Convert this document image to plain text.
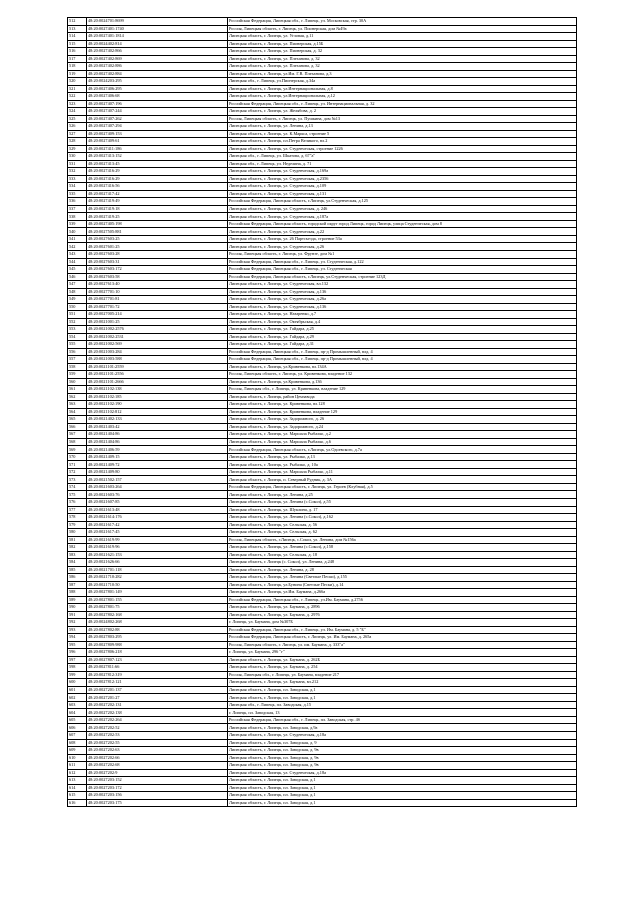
512	48:20:0024701:8699	Российская Федерация, Липецкая обл., г. Липецк, ул. Московская, стр. 30А
513	48:20:0027401:1740	Россия, Липецкая область, г. Липецк, ул. Пионерская, дом №49а
514	48:20:0027401:1814	Липецкая область, г. Липецк, ул. Угловая, д.11
515	48:20:0024402:814	Липецкая область, г. Липецк, ул. Пионерская, д.15Б
516	48:20:0027402:866	Липецкая область, г. Липецк, ул. Пионерская, д. 32
517	48:20:0027402:869	Липецкая область, г. Липецк, ул. Плеханова, д. 32
518	48:20:0027402:886	Липецкая область, г. Липецк, ул. Плеханова, д. 32
519	48:20:0027402:884	Липецкая область, г. Липецк, ул.Им. Г.В. Плеханова, д.3
520	48:20:0024203:295	Липецкая обл., г. Липецк, ул.Пионерская, д.34а
521	48:20:0027406:295	Липецкая область, г. Липецк, ул.Интернациональная, д.8
522	48:20:0027406:68	Липецкая область, г. Липецк, ул.Интернациональная, д.12
523	48:20:0027407:196	Российская Федерация, Липецкая обл., г. Липецк, ул. Интернациональная, д. 32
524	48:20:0027407:244	Липецкая область, г. Липецк, ул. Желябова, д. 2
525	48:20:0027407:262	Россия, Липецкая область, г. Липецк, ул. Пушкина, дом №13
526	48:20:0027407:294	Липецкая область, г. Липецк, ул. Ленина, д.13
527	48:20:0027409:153	Липецкая область, г. Липецк, ул. К.Маркса, строение 5
528	48:20:0027409:61	Липецкая область, г. Липецк, пл.Петра Великого, вл.2
529	48:20:0027411:186	Липецкая область, г. Липецк, ул. Студенческая, строение 1226
530	48:20:0027413:152	Липецкая обл., г. Липецк, ул. Шкатова, д. 67"а"
531	48:20:0027413:45	Липецкая обл., г. Липецк, ул. Неделина, д. 71
532	48:20:0027416:29	Липецкая область, г. Липецк, ул. Студенческая, д.169а
533	48:20:0027416:29	Липецкая область, г. Липецк, ул. Студенческая, д.2356
534	48:20:0027416:56	Липецкая область, г. Липецк, ул. Студенческая, д.109
535	48:20:0027417:42	Липецкая область, г. Липецк, ул. Студенческая, д.131
536	48:20:0027419:49	Российская Федерация, Липецкая область, г.Липецк, ул.Студенческая, д.125
537	48:20:0027419:18	Липецкая область, г. Липецк, ул. Студенческая, д. 246
538	48:20:0027419:25	Липецкая область, г. Липецк, ул. Студенческая, д.187а
539	48:20:0027405:198	Российская Федерация, Липецкая область, городской округ город Липецк, город Липецк, улица Студенческая, дом 8
540	48:20:0027505:881	Липецкая область, г. Липецк, ул. Студенческая, д.22
541	48:20:0027603:25	Липецкая область, г. Липецк, ул. 26 Партсъезда, строение 53а
542	48:20:0027601:25	Липецкая область, г. Липецк, ул. Студенческая, д.26
543	48:20:0027603:28	Россия, Липецкая область, г. Липецк, ул. Фрунзе, дом №1
544	48:20:0027603:31	Российская Федерация, Липецкая обл., г. Липецк, ул. Студенческая, д.122
545	48:20:0027603:172	Российская Федерация, Липецкая обл., г. Липецк, ул. Студенческая
546	48:20:0027603:58	Российская Федерация, Липецкая область, г.Липецк, ул.Студенческая, строение 123Д
547	48:20:0027613:40	Липецкая область, г. Липецк, ул. Студенческая, вл.132
548	48:20:0027701:10	Липецкая область, г. Липецк, ул. Студенческая, д.136
549	48:20:0027701:81	Липецкая область, г. Липецк, ул. Студенческая, д.26а
550	48:20:0027701:72	Липецкая область, г. Липецк, ул. Студенческая, д.136
551	48:20:0027005:214	Липецкая область, г. Липецк, ул. Назаренко, д.7
552	48:20:0021001:25	Липецкая область, г. Липецк, ул. Октябрьская, д.4
553	48:20:0021002:2576	Липецкая область, г. Липецк, ул. Гайдара, д.25
554	48:20:0021002:2531	Липецкая область, г. Липецк, ул. Гайдара, д.29
555	48:20:0021002:569	Липецкая область, г. Липецк, ул. Гайдара, д.31
556	48:20:0021003:284	Российская Федерация, Липецкая обл., г. Липецк, пр-д Промышленный, влд. 4
557	48:20:0021003:588	Российская Федерация, Липецкая обл., г. Липецк, пр-д Промышленный, влд. 4
558	48:20:0021101:2559	Липецкая область, г. Липецк, ул.Кривенкова, вл.134А
559	48:20:0021101:2556	Россия, Липецкая область, г. Липецк, ул. Кривенкова, владение 132
560	48:20:0021101:2666	Липецкая область, г. Липецк, ул.Кривенкова, д.136
561	48:20:0021102:138	Россия, Липецкая обл., г. Липецк, ул. Кривенкова, владение 129
562	48:20:0021102:185	Липецкая область, г. Липецк, район Цемзавода
563	48:20:0021102:190	Липецкая область, г. Липецк, ул. Кривенкова, вл.128
564	48:20:0021102:812	Липецкая область, г. Липецк, ул. Кривенкова, владение 129
565	48:20:0021402:133	Липецкая область, г. Липецк, ул. Задорожного, д. 26
566	48:20:0021403:42	Липецкая область, г. Липецк, ул. Задорожного, д.24
567	48:20:0021404:86	Липецкая область, г. Липецк, ул. Маршала Рыбалко, д.2
568	48:20:0021404:86	Липецкая область, г. Липецк, ул. Маршала Рыбалко, д.6
569	48:20:0021406:59	Российская Федерация, Липецкая область, г.Липецк, ул.Одоевского, д.7а
570	48:20:0021409:15	Липецкая область, г. Липецк, ул. Рыбалко, д.13
571	48:20:0021409:72	Липецкая область, г. Липецк, ул. Рыбалко, д. 10а
572	48:20:0021409:80	Липецкая область, г. Липецк, ул. Маршала Рыбалко, д.11
573	48:20:0021502:157	Липецкая область, г. Липецк, п. Северный Рудник, д. 3А
574	48:20:0021603:264	Российская Федерация, Липецкая область, г. Липецк, ул. Героев (Клубная), д.5
575	48:20:0021603:76	Липецкая область, г. Липецк, ул. Ленина, д.25
576	48:20:0021607:85	Липецкая область, г. Липецк, ул. Ленина (с.Сокол), д.55
577	48:20:0021613:48	Липецкая область, г. Липецк, ул. Шуклина, д. 17
578	48:20:0021614:176	Липецкая область, г. Липецк, ул. Ленина (с.Сокол), д.162
579	48:20:0021617:42	Липецкая область, г. Липецк, ул. Сельская, д. 56
580	48:20:0021617:45	Липецкая область, г. Липецк, ул. Сельская, д. 62
581	48:20:0021619:99	Россия, Липецкая область, г.Липецк, с.Сокол, ул. Ленина, дом №156а
582	48:20:0021619:96	Липецкая область, г. Липецк, ул. Ленина (с.Сокол), д.158
583	48:20:0021621:153	Липецкая область, г. Липецк, ул. Сельская, д. 18
584	48:20:0021626:66	Липецкая область, г. Липецк (с. Сокол), ул. Ленина, д.248
585	48:20:0021701:118	Липецкая область, г. Липецк, ул. Ленина, д. 28
586	48:20:0021710:282	Липецкая область, г. Липецк, ул. Ленина (Светлые Пески), д.155
587	48:20:0021710:50	Липецкая область, г. Липецк, ул.Бунина (Светлые Пески), д.14
588	48:20:0027801:149	Липецкая область, г. Липецк, ул.Им. Баумана, д.266а
589	48:20:0027801:155	Российская Федерация, Липецкая обл., г. Липецк, ул.Им. Баумана, д.2756
590	48:20:0027801:75	Липецкая область, г. Липецк, ул. Баумана, д. 2896
591	48:20:0027802:168	Липецкая область, г. Липецк, ул. Баумана, д. 2976
592	48:20:0024802:268	г. Липецк, ул. Баумана, дом №307Б
593	48:20:0027802:88	Российская Федерация, Липецкая обл., г. Липецк, ул. Им. Баумана, д. 5 "Б"
594	48:20:0027803:295	Российская Федерация, Липецкая область, г. Липецк, ул. Им. Баумана, д. 265а
595	48:20:0027809:988	Россия, Липецкая область, г. Липецк, ул. им. Баумана, д. 333"а"
596	48:20:0027806:218	г. Липецк, ул. Баумана, 296 "г"
597	48:20:0027807:123	Липецкая область, г. Липецк, ул. Баумана, д. 262Б
598	48:20:0027811:66	Липецкая область, г. Липецк, ул. Баумана, д. 254
599	48:20:0027812:319	Россия, Липецкая обл., г. Липецк, ул. Баумана, владение 217
600	48:20:0027812:121	Липецкая область, г. Липецк, ул. Баумана, вл.212
601	48:20:0027201:137	Липецкая область, г. Липецк, пл. Заводская, д.1
602	48:20:0027201:27	Липецкая область, г. Липецк, пл. Заводская, д.1
603	48:20:0027202:131	Липецкая обл., г. Липецк, пл. Заводская, д.15
604	48:20:0027202:138	г. Липецк, пл. Заводская, 13
605	48:20:0027202:264	Российская Федерация, Липецкая обл., г. Липецк, пл. Заводская, стр. 4б
606	48:20:0027202:52	Липецкая область, г. Липецк, пл. Заводская, д.9а
607	48:20:0027202:53	Липецкая область, г. Липецк, ул. Студенческая, д.18а
608	48:20:0027202:55	Липецкая область, г. Липецк, пл. Заводская, д. 9
609	48:20:0027202:63	Липецкая область, г. Липецк, пл. Заводская, д. 9в
610	48:20:0027202:66	Липецкая область, г. Липецк, пл. Заводская, д. 9в
611	48:20:0027202:68	Липецкая область, г. Липецк, пл. Заводская, д. 9в
612	48:20:0027202:9	Липецкая область, г. Липецк, ул. Студенческая, д.18а
613	48:20:0027203:152	Липецкая область, г. Липецк, пл. Заводская, д.1
614	48:20:0027203:172	Липецкая область, г. Липецк, пл. Заводская, д.1
615	48:20:0027203:156	Липецкая область, г. Липецк, пл. Заводская, д.1
616	48:20:0027203:175	Липецкая область, г. Липецк, пл. Заводская, д.1
